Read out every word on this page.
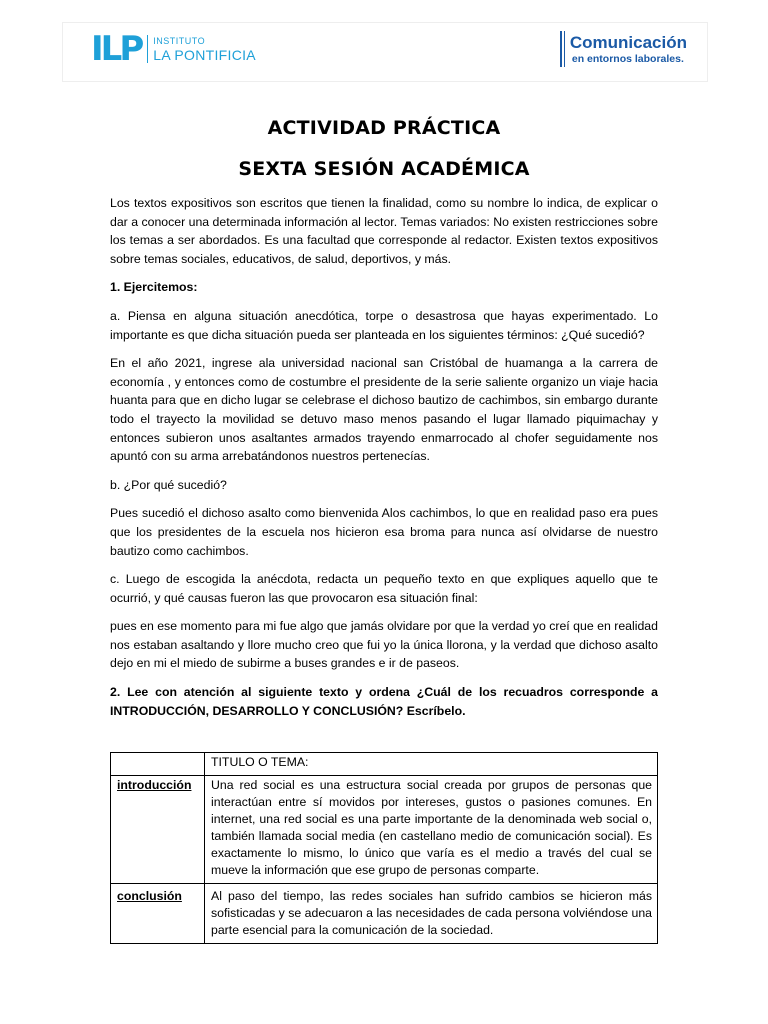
ILP INSTITUTO
LA PONTIFICIA
Comunicación
en entornos laborales.
ACTIVIDAD PRÁCTICA
SEXTA SESIÓN ACADÉMICA

Los textos expositivos son escritos que tienen la finalidad, como su nombre lo indica, de explicar o dar a conocer una determinada información al lector. Temas variados: No existen restricciones sobre los temas a ser abordados. Es una facultad que corresponde al redactor. Existen textos expositivos sobre temas sociales, educativos, de salud, deportivos, y más.

1. Ejercitemos:

a. Piensa en alguna situación anecdótica, torpe o desastrosa que hayas experimentado. Lo importante es que dicha situación pueda ser planteada en los siguientes términos: ¿Qué sucedió?

En el año 2021, ingrese ala universidad nacional san Cristóbal de huamanga a la carrera de economía , y entonces como de costumbre el presidente de la serie saliente organizo un viaje hacia huanta para que en dicho lugar se celebrase el dichoso bautizo de cachimbos, sin embargo durante todo el trayecto la movilidad se detuvo maso menos pasando el lugar llamado piquimachay y entonces subieron unos asaltantes armados trayendo enmarrocado al chofer seguidamente nos apuntó con su arma arrebatándonos nuestros pertenecías.

b. ¿Por qué sucedió?

Pues sucedió el dichoso asalto como bienvenida Alos cachimbos, lo que en realidad paso era pues que los presidentes de la escuela nos hicieron esa broma para nunca así olvidarse de nuestro bautizo como cachimbos.

c. Luego de escogida la anécdota, redacta un pequeño texto en que expliques aquello que te ocurrió, y qué causas fueron las que provocaron esa situación final:

pues en ese momento para mi fue algo que jamás olvidare por que la verdad yo creí que en realidad nos estaban asaltando y llore mucho creo que fui yo la única llorona, y la verdad que dichoso asalto dejo en mi el miedo de subirme a buses grandes e ir de paseos.

2. Lee con atención al siguiente texto y ordena ¿Cuál de los recuadros corresponde a INTRODUCCIÓN, DESARROLLO Y CONCLUSIÓN? Escríbelo.

	TITULO O TEMA:
introducción	Una red social es una estructura social creada por grupos de personas que interactúan entre sí movidos por intereses, gustos o pasiones comunes. En internet, una red social es una parte importante de la denominada web social o, también llamada social media (en castellano medio de comunicación social). Es exactamente lo mismo, lo único que varía es el medio a través del cual se mueve la información que ese grupo de personas comparte.
conclusión	Al paso del tiempo, las redes sociales han sufrido cambios se hicieron más sofisticadas y se adecuaron a las necesidades de cada persona volviéndose una parte esencial para la comunicación de la sociedad.
